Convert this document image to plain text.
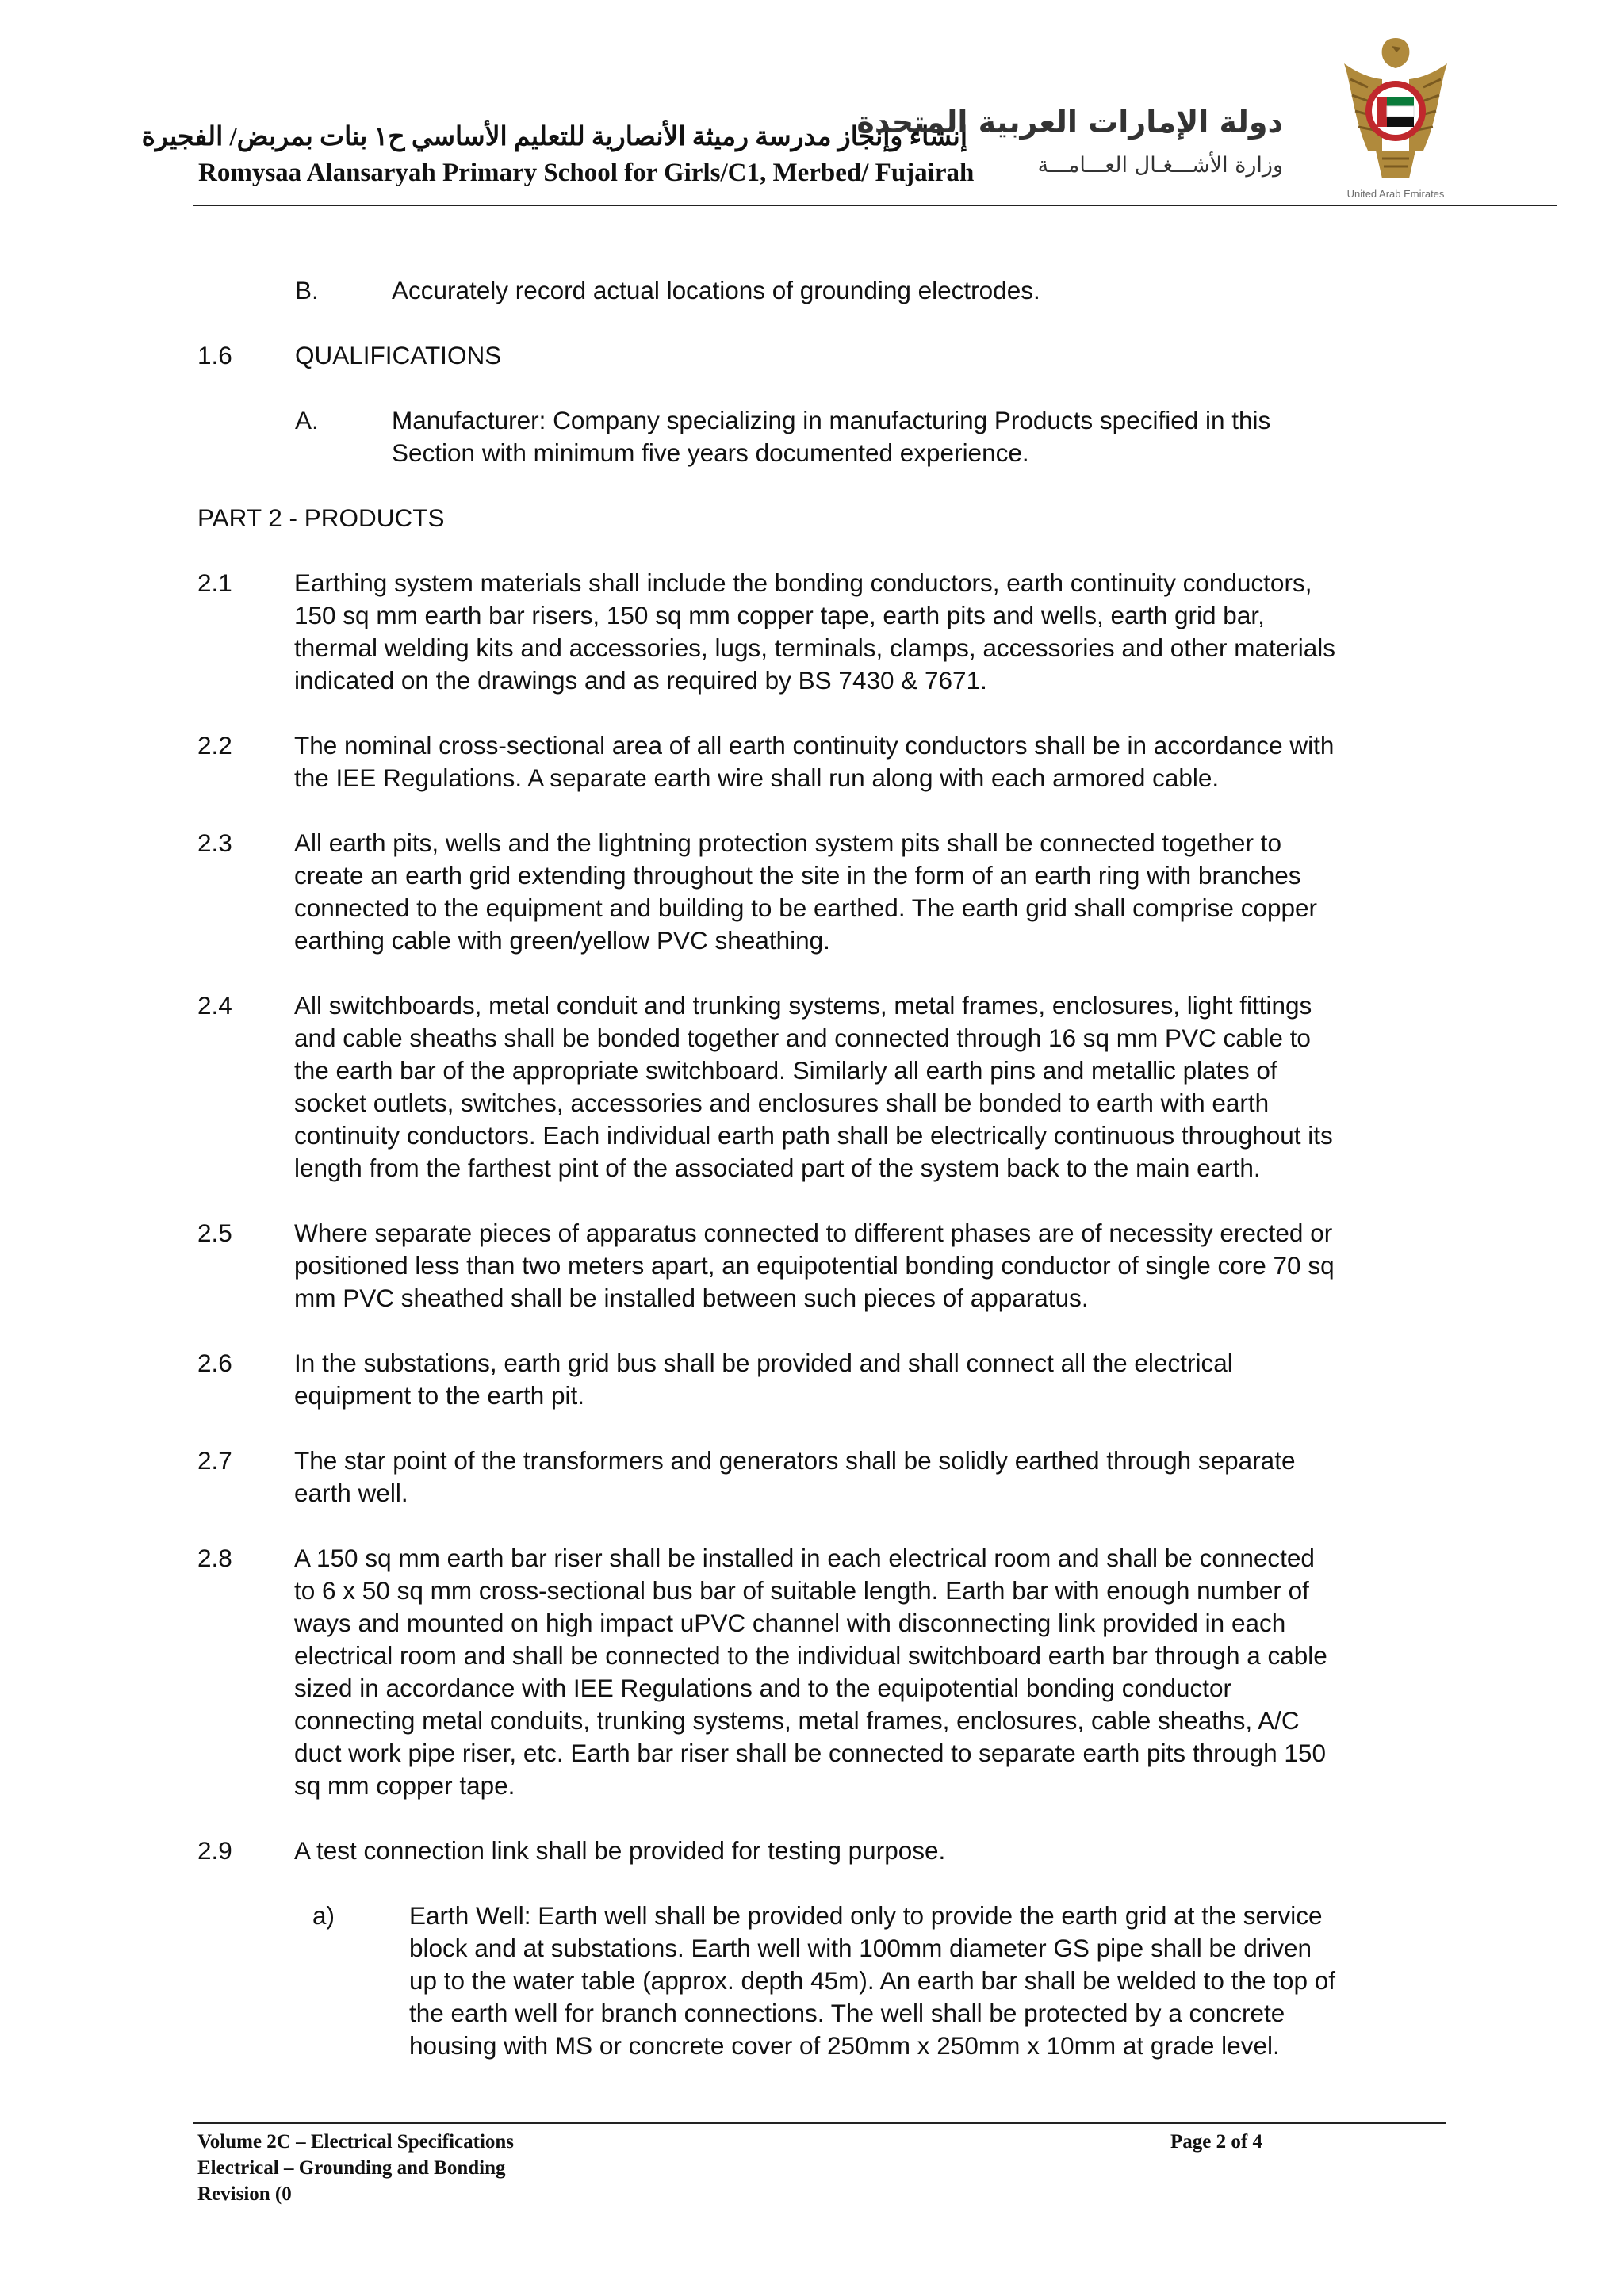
إنشاء وإنجاز مدرسة رميثة الأنصارية للتعليم الأساسي ح١ بنات بمربض/ الفجيرة
Romysaa Alansaryah Primary School for Girls/C1, Merbed/ Fujairah
دولة الإمارات العربية المتحدة
وزارة الأشـــغـال العـــامـــة
United Arab Emirates
B.	Accurately record actual locations of grounding electrodes.
1.6	QUALIFICATIONS
A.	Manufacturer: Company specializing in manufacturing Products specified in this
Section with minimum five years documented experience.
PART 2 - PRODUCTS
2.1 Earthing system materials shall include the bonding conductors, earth continuity conductors,
150 sq mm earth bar risers, 150 sq mm copper tape, earth pits and wells, earth grid bar,
thermal welding kits and accessories, lugs, terminals, clamps, accessories and other materials
indicated on the drawings and as required by BS 7430 & 7671.
2.2 The nominal cross-sectional area of all earth continuity conductors shall be in accordance with
the IEE Regulations. A separate earth wire shall run along with each armored cable.
2.3 All earth pits, wells and the lightning protection system pits shall be connected together to
create an earth grid extending throughout the site in the form of an earth ring with branches
connected to the equipment and building to be earthed. The earth grid shall comprise copper
earthing cable with green/yellow PVC sheathing.
2.4 All switchboards, metal conduit and trunking systems, metal frames, enclosures, light fittings
and cable sheaths shall be bonded together and connected through 16 sq mm PVC cable to
the earth bar of the appropriate switchboard. Similarly all earth pins and metallic plates of
socket outlets, switches, accessories and enclosures shall be bonded to earth with earth
continuity conductors. Each individual earth path shall be electrically continuous throughout its
length from the farthest pint of the associated part of the system back to the main earth.
2.5 Where separate pieces of apparatus connected to different phases are of necessity erected or
positioned less than two meters apart, an equipotential bonding conductor of single core 70 sq
mm PVC sheathed shall be installed between such pieces of apparatus.
2.6 In the substations, earth grid bus shall be provided and shall connect all the electrical
equipment to the earth pit.
2.7 The star point of the transformers and generators shall be solidly earthed through separate
earth well.
2.8 A 150 sq mm earth bar riser shall be installed in each electrical room and shall be connected
to 6 x 50 sq mm cross-sectional bus bar of suitable length. Earth bar with enough number of
ways and mounted on high impact uPVC channel with disconnecting link provided in each
electrical room and shall be connected to the individual switchboard earth bar through a cable
sized in accordance with IEE Regulations and to the equipotential bonding conductor
connecting metal conduits, trunking systems, metal frames, enclosures, cable sheaths, A/C
duct work pipe riser, etc. Earth bar riser shall be connected to separate earth pits through 150
sq mm copper tape.
2.9 A test connection link shall be provided for testing purpose.
a)	Earth Well: Earth well shall be provided only to provide the earth grid at the service
block and at substations. Earth well with 100mm diameter GS pipe shall be driven
up to the water table (approx. depth 45m). An earth bar shall be welded to the top of
the earth well for branch connections. The well shall be protected by a concrete
housing with MS or concrete cover of 250mm x 250mm x 10mm at grade level.
Volume 2C – Electrical Specifications
Electrical – Grounding and Bonding
Revision (0
Page 2 of 4
